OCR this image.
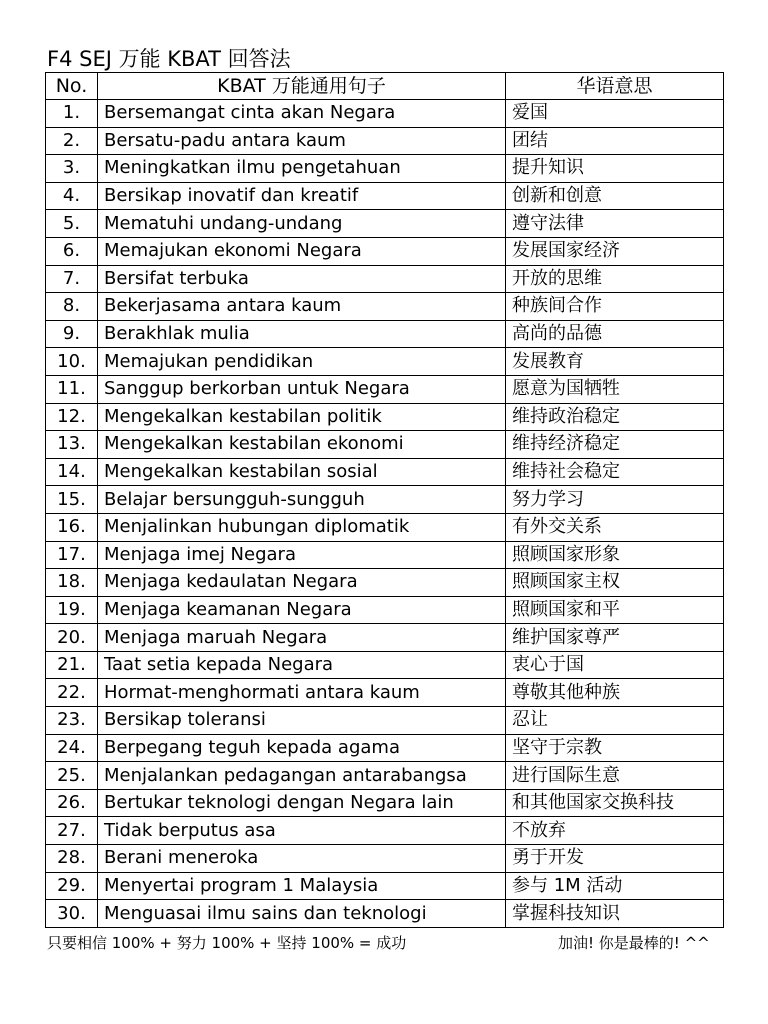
F4 SEJ 万能 KBAT 回答法
No.	KBAT 万能通用句子	华语意思
1.	Bersemangat cinta akan Negara	爱国
2.	Bersatu-padu antara kaum	团结
3.	Meningkatkan ilmu pengetahuan	提升知识
4.	Bersikap inovatif dan kreatif	创新和创意
5.	Mematuhi undang-undang	遵守法律
6.	Memajukan ekonomi Negara	发展国家经济
7.	Bersifat terbuka	开放的思维
8.	Bekerjasama antara kaum	种族间合作
9.	Berakhlak mulia	高尚的品德
10.	Memajukan pendidikan	发展教育
11.	Sanggup berkorban untuk Negara	愿意为国牺牲
12.	Mengekalkan kestabilan politik	维持政治稳定
13.	Mengekalkan kestabilan ekonomi	维持经济稳定
14.	Mengekalkan kestabilan sosial	维持社会稳定
15.	Belajar bersungguh-sungguh	努力学习
16.	Menjalinkan hubungan diplomatik	有外交关系
17.	Menjaga imej Negara	照顾国家形象
18.	Menjaga kedaulatan Negara	照顾国家主权
19.	Menjaga keamanan Negara	照顾国家和平
20.	Menjaga maruah Negara	维护国家尊严
21.	Taat setia kepada Negara	衷心于国
22.	Hormat-menghormati antara kaum	尊敬其他种族
23.	Bersikap toleransi	忍让
24.	Berpegang teguh kepada agama	坚守于宗教
25.	Menjalankan pedagangan antarabangsa	进行国际生意
26.	Bertukar teknologi dengan Negara lain	和其他国家交换科技
27.	Tidak berputus asa	不放弃
28.	Berani meneroka	勇于开发
29.	Menyertai program 1 Malaysia	参与 1M 活动
30.	Menguasai ilmu sains dan teknologi	掌握科技知识
只要相信 100% + 努力 100% + 坚持 100% = 成功	加油! 你是最棒的! ^^
